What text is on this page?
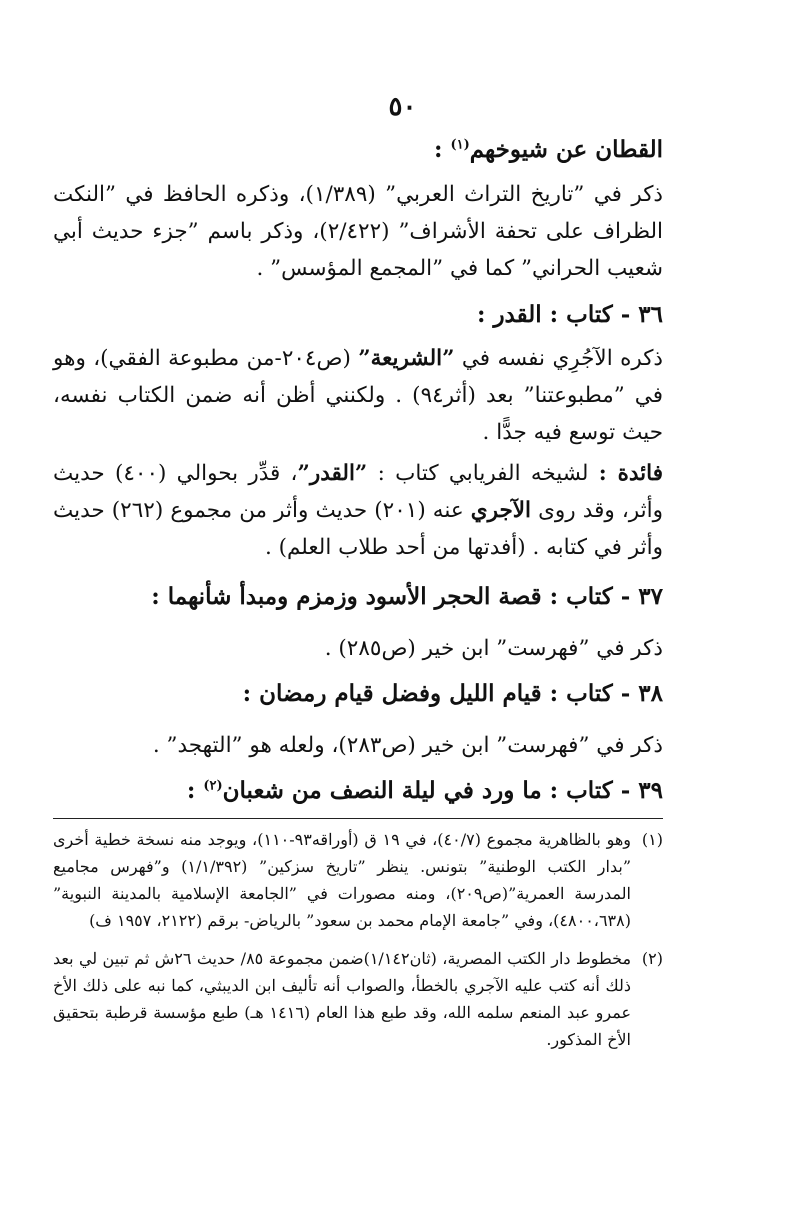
٥٠
القطان عن شيوخهم$^{(١)}$ :
ذكر في ”تاريخ التراث العربي” (١/٣٨٩)، وذكره الحافظ في ”النكت الظراف على تحفة الأشراف” (٢/٤٢٢)، وذكر باسم ”جزء حديث أبي شعيب الحراني” كما في ”المجمع المؤسس” .
٣٦ - كتاب : القدر :
ذكره الآجُرِي نفسه في ”الشريعة” (ص٢٠٤-من مطبوعة الفقي)، وهو في ”مطبوعتنا” بعد (أثر٩٤) . ولكنني أظن أنه ضمن الكتاب نفسه، حيث توسع فيه جدًّا .
فائدة : لشيخه الفريابي كتاب : ”القدر”، قدِّر بحوالي (٤٠٠) حديث وأثر، وقد روى الآجري عنه (٢٠١) حديث وأثر من مجموع (٢٦٢) حديث وأثر في كتابه . (أفدتها من أحد طلاب العلم) .
٣٧ - كتاب : قصة الحجر الأسود وزمزم ومبدأ شأنهما :
ذكر في ”فهرست” ابن خير (ص٢٨٥) .
٣٨ - كتاب : قيام الليل وفضل قيام رمضان :
ذكر في ”فهرست” ابن خير (ص٢٨٣)، ولعله هو ”التهجد” .
٣٩ - كتاب : ما ورد في ليلة النصف من شعبان$^{(٢)}$ :
(١)
وهو بالظاهرية مجموع (٤٠/٧)، في ١٩ ق (أوراقه٩٣-١١٠)، ويوجد منه نسخة خطية أخرى ”بدار الكتب الوطنية” بتونس. ينظر ”تاريخ سزكين” (١/١/٣٩٢) و”فهرس مجاميع المدرسة العمرية”(ص٢٠٩)، ومنه مصورات في ”الجامعة الإسلامية بالمدينة النبوية” (٤٨٠٠،٦٣٨)، وفي ”جامعة الإمام محمد بن سعود” بالرياض- برقم (٢١٢٢، ١٩٥٧ ف)
(٢)
مخطوط دار الكتب المصرية، (ثان١/١٤٢)ضمن مجموعة ٨٥/ حديث ٢٦ش ثم تبين لي بعد ذلك أنه كتب عليه الآجري بالخطأ، والصواب أنه تأليف ابن الديبثي، كما نبه على ذلك الأخ عمرو عبد المنعم سلمه الله، وقد طبع هذا العام (١٤١٦ هـ) طبع مؤسسة قرطبة بتحقيق الأخ المذكور.
